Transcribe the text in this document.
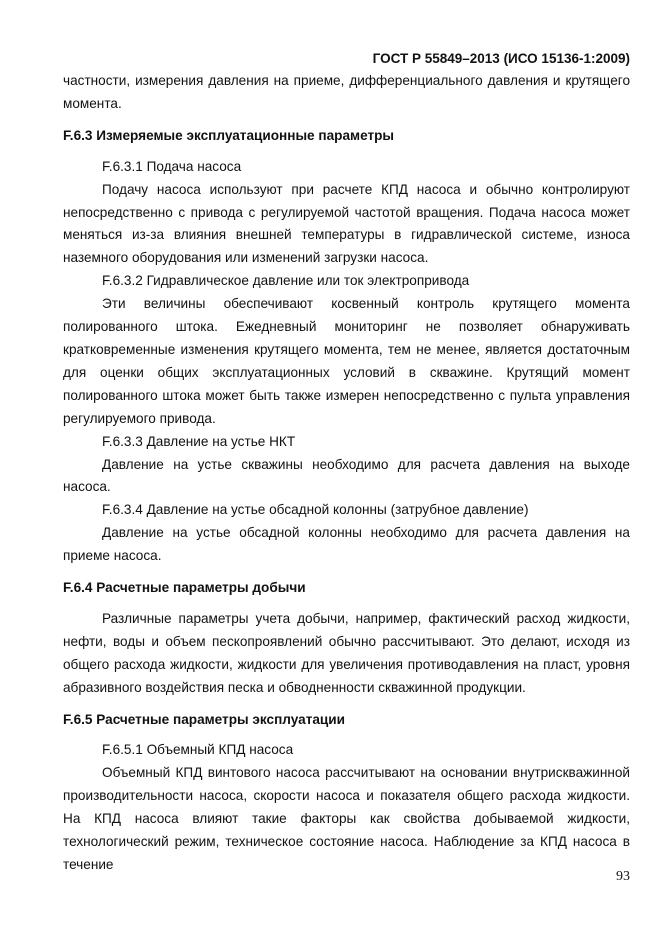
ГОСТ Р 55849–2013 (ИСО 15136-1:2009)

частности, измерения давления на приеме, дифференциального давления и крутящего момента.

F.6.3 Измеряемые эксплуатационные параметры

F.6.3.1 Подача насоса

Подачу насоса используют при расчете КПД насоса и обычно контролируют непосредственно с привода с регулируемой частотой вращения. Подача насоса может меняться из-за влияния внешней температуры в гидравлической системе, износа наземного оборудования или изменений загрузки насоса.

F.6.3.2 Гидравлическое давление или ток электропривода

Эти величины обеспечивают косвенный контроль крутящего момента полированного штока. Ежедневный мониторинг не позволяет обнаруживать кратковременные изменения крутящего момента, тем не менее, является достаточным для оценки общих эксплуатационных условий в скважине. Крутящий момент полированного штока может быть также измерен непосредственно с пульта управления регулируемого привода.

F.6.3.3 Давление на устье НКТ

Давление на устье скважины необходимо для расчета давления на выходе насоса.

F.6.3.4 Давление на устье обсадной колонны (затрубное давление)

Давление на устье обсадной колонны необходимо для расчета давления на приеме насоса.

F.6.4 Расчетные параметры добычи

Различные параметры учета добычи, например, фактический расход жидкости, нефти, воды и объем пескопроявлений обычно рассчитывают. Это делают, исходя из общего расхода жидкости, жидкости для увеличения противодавления на пласт, уровня абразивного воздействия песка и обводненности скважинной продукции.

F.6.5 Расчетные параметры эксплуатации

F.6.5.1 Объемный КПД насоса

Объемный КПД винтового насоса рассчитывают на основании внутрискважинной производительности насоса, скорости насоса и показателя общего расхода жидкости. На КПД насоса влияют такие факторы как свойства добываемой жидкости, технологический режим, техническое состояние насоса. Наблюдение за КПД насоса в течение

93
